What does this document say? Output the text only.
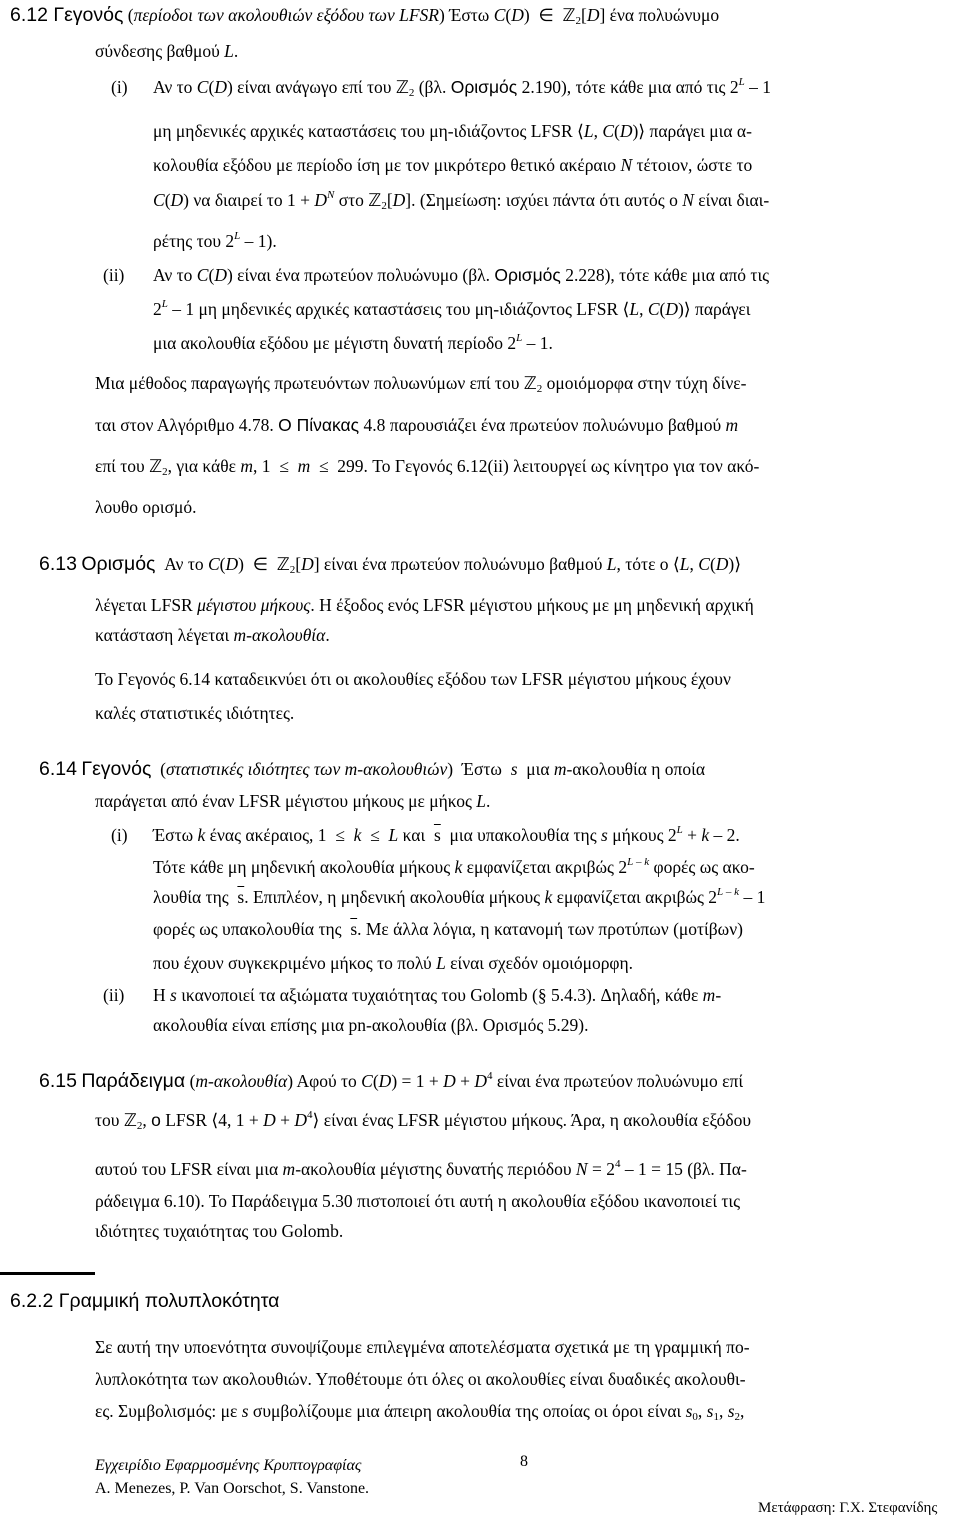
6.12 Γεγονός (περίοδοι των ακολουθιών εξόδου των LFSR) Έστω C(D)  ∈  ℤ$_2$[D] ένα πολυώνυμο
σύνδεσης βαθμού L.
(i) Αν το C(D) είναι ανάγωγο επί του ℤ$_2$ (βλ. Ορισμός 2.190), τότε κάθε μια από τις $2^L - 1$
μη μηδενικές αρχικές καταστάσεις του μη-ιδιάζοντος LFSR ⟨L, C(D)⟩ παράγει μια α-
κολουθία εξόδου με περίοδο ίση με τον μικρότερο θετικό ακέραιο N τέτοιον, ώστε το
C(D) να διαιρεί το $1 + D^N$ στο ℤ$_2$[D]. (Σημείωση: ισχύει πάντα ότι αυτός ο N είναι διαι-
ρέτης του $2^L - 1$).
(ii) Αν το C(D) είναι ένα πρωτεύον πολυώνυμο (βλ. Ορισμός 2.228), τότε κάθε μια από τις
$2^L - 1$ μη μηδενικές αρχικές καταστάσεις του μη-ιδιάζοντος LFSR ⟨L, C(D)⟩ παράγει
μια ακολουθία εξόδου με μέγιστη δυνατή περίοδο $2^L - 1$.
Μια μέθοδος παραγωγής πρωτευόντων πολυωνύμων επί του ℤ$_2$ ομοιόμορφα στην τύχη δίνε-
ται στον Αλγόριθμο 4.78. Ο Πίνακας 4.8 παρουσιάζει ένα πρωτεύον πολυώνυμο βαθμού m
επί του ℤ$_2$, για κάθε m, 1  ≤  m  ≤  299. Το Γεγονός 6.12(ii) λειτουργεί ως κίνητρο για τον ακό-
λουθο ορισμό.
6.13 Ορισμός  Αν το C(D)  ∈  ℤ$_2$[D] είναι ένα πρωτεύον πολυώνυμο βαθμού L, τότε ο ⟨L, C(D)⟩
λέγεται LFSR μέγιστου μήκους. Η έξοδος ενός LFSR μέγιστου μήκους με μη μηδενική αρχική
κατάσταση λέγεται m-ακολουθία.
Το Γεγονός 6.14 καταδεικνύει ότι οι ακολουθίες εξόδου των LFSR μέγιστου μήκους έχουν
καλές στατιστικές ιδιότητες.
6.14 Γεγονός  (στατιστικές ιδιότητες των m-ακολουθιών)  Έστω  s  μια m-ακολουθία η οποία
παράγεται από έναν LFSR μέγιστου μήκους με μήκος L.
(i) Έστω k ένας ακέραιος, 1  ≤  k  ≤  L και  $\overline{s}$  μια υπακολουθία της s μήκους $2^L + k - 2$.
Τότε κάθε μη μηδενική ακολουθία μήκους k εμφανίζεται ακριβώς $2^{L - k}$ φορές ως ακο-
λουθία της  $\overline{s}$. Επιπλέον, η μηδενική ακολουθία μήκους k εμφανίζεται ακριβώς $2^{L - k} - 1$
φορές ως υπακολουθία της  $\overline{s}$. Με άλλα λόγια, η κατανομή των προτύπων (μοτίβων)
που έχουν συγκεκριμένο μήκος το πολύ L είναι σχεδόν ομοιόμορφη.
(ii) Η s ικανοποιεί τα αξιώματα τυχαιότητας του Golomb (§ 5.4.3). Δηλαδή, κάθε m-
ακολουθία είναι επίσης μια pn-ακολουθία (βλ. Ορισμός 5.29).
6.15 Παράδειγμα (m-ακολουθία) Αφού το $C(D) = 1 + D + D^4$ είναι ένα πρωτεύον πολυώνυμο επί
του ℤ$_2$, ο LFSR ⟨4, $1 + D + D^4⟩$ είναι ένας LFSR μέγιστου μήκους. Άρα, η ακολουθία εξόδου
αυτού του LFSR είναι μια m-ακολουθία μέγιστης δυνατής περιόδου $N = 2^4 - 1 = 15$ (βλ. Πα-
ράδειγμα 6.10). Το Παράδειγμα 5.30 πιστοποιεί ότι αυτή η ακολουθία εξόδου ικανοποιεί τις
ιδιότητες τυχαιότητας του Golomb.
6.2.2 Γραμμική πολυπλοκότητα
Σε αυτή την υποενότητα συνοψίζουμε επιλεγμένα αποτελέσματα σχετικά με τη γραμμική πο-
λυπλοκότητα των ακολουθιών. Υποθέτουμε ότι όλες οι ακολουθίες είναι δυαδικές ακολουθι-
ες. Συμβολισμός: με s συμβολίζουμε μια άπειρη ακολουθία της οποίας οι όροι είναι $s_0$, $s_1$, $s_2$,
Εγχειρίδιο Εφαρμοσμένης Κρυπτογραφίας	8
A. Menezes, P. Van Oorschot, S. Vanstone.
Μετάφραση: Γ.Χ. Στεφανίδης
